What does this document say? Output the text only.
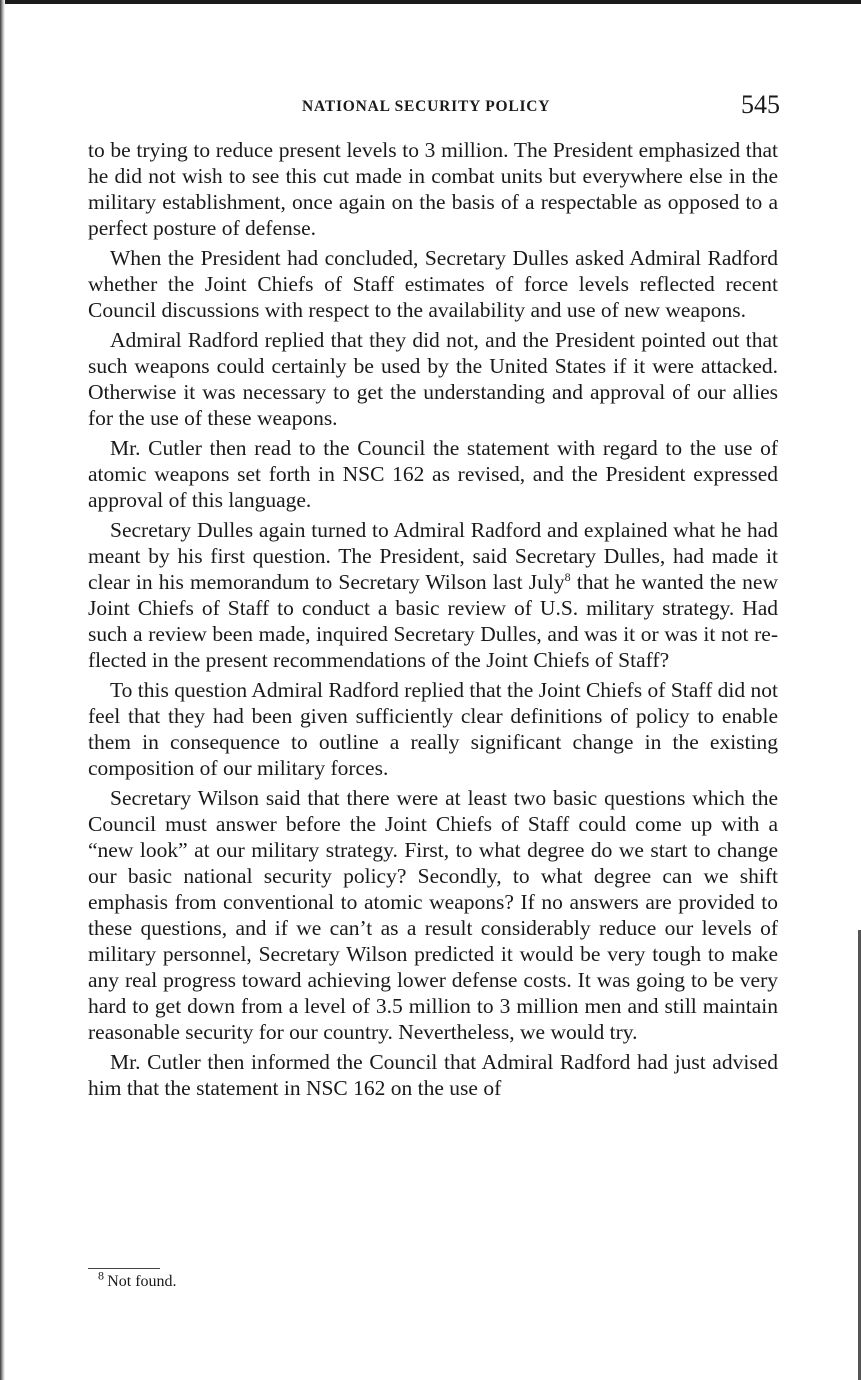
NATIONAL SECURITY POLICY	545

to be trying to reduce present levels to 3 million. The President emphasized that he did not wish to see this cut made in combat units but everywhere else in the military establishment, once again on the basis of a respectable as opposed to a perfect posture of defense.

When the President had concluded, Secretary Dulles asked Admiral Radford whether the Joint Chiefs of Staff estimates of force levels reflected recent Council discussions with respect to the availability and use of new weapons.

Admiral Radford replied that they did not, and the President pointed out that such weapons could certainly be used by the United States if it were attacked. Otherwise it was necessary to get the understanding and approval of our allies for the use of these weapons.

Mr. Cutler then read to the Council the statement with regard to the use of atomic weapons set forth in NSC 162 as revised, and the President expressed approval of this language.

Secretary Dulles again turned to Admiral Radford and explained what he had meant by his first question. The President, said Secretary Dulles, had made it clear in his memorandum to Secretary Wilson last July$^8$ that he wanted the new Joint Chiefs of Staff to conduct a basic review of U.S. military strategy. Had such a review been made, inquired Secretary Dulles, and was it or was it not reflected in the present recommendations of the Joint Chiefs of Staff?

To this question Admiral Radford replied that the Joint Chiefs of Staff did not feel that they had been given sufficiently clear definitions of policy to enable them in consequence to outline a really significant change in the existing composition of our military forces.

Secretary Wilson said that there were at least two basic questions which the Council must answer before the Joint Chiefs of Staff could come up with a “new look” at our military strategy. First, to what degree do we start to change our basic national security policy? Secondly, to what degree can we shift emphasis from conventional to atomic weapons? If no answers are provided to these questions, and if we can’t as a result considerably reduce our levels of military personnel, Secretary Wilson predicted it would be very tough to make any real progress toward achieving lower defense costs. It was going to be very hard to get down from a level of 3.5 million to 3 million men and still maintain reasonable security for our country. Nevertheless, we would try.

Mr. Cutler then informed the Council that Admiral Radford had just advised him that the statement in NSC 162 on the use of

$^8$  Not found.
